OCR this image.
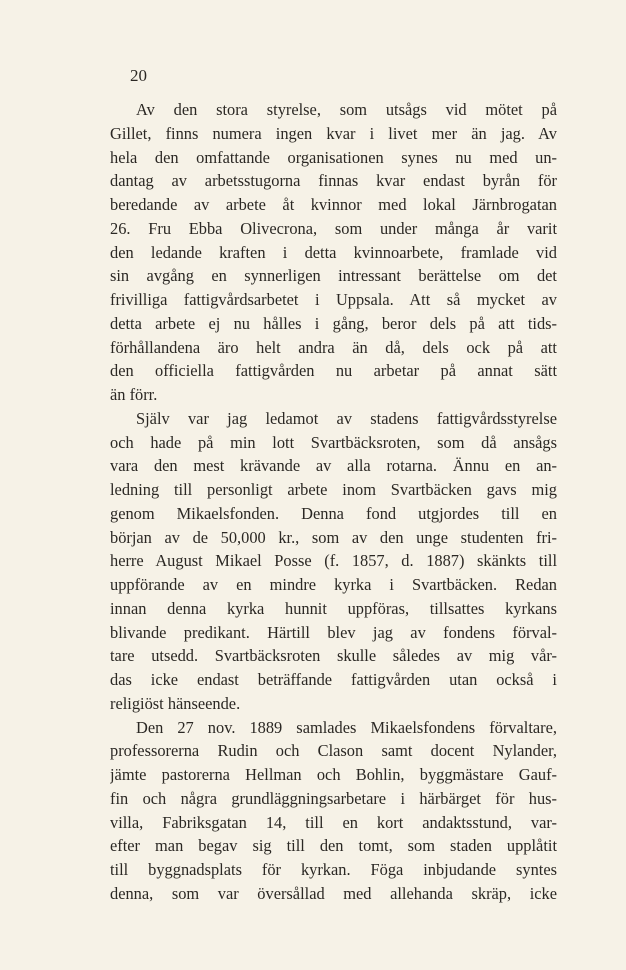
20
Av den stora styrelse, som utsågs vid mötet på
Gillet, finns numera ingen kvar i livet mer än jag. Av
hela den omfattande organisationen synes nu med un-
dantag av arbetsstugorna finnas kvar endast byrån för
beredande av arbete åt kvinnor med lokal Järnbrogatan
26. Fru Ebba Olivecrona, som under många år varit
den ledande kraften i detta kvinnoarbete, framlade vid
sin avgång en synnerligen intressant berättelse om det
frivilliga fattigvårdsarbetet i Uppsala. Att så mycket av
detta arbete ej nu hålles i gång, beror dels på att tids-
förhållandena äro helt andra än då, dels ock på att
den officiella fattigvården nu arbetar på annat sätt
än förr.
Själv var jag ledamot av stadens fattigvårdsstyrelse
och hade på min lott Svartbäcksroten, som då ansågs
vara den mest krävande av alla rotarna. Ännu en an-
ledning till personligt arbete inom Svartbäcken gavs mig
genom Mikaelsfonden. Denna fond utgjordes till en
början av de 50,000 kr., som av den unge studenten fri-
herre August Mikael Posse (f. 1857, d. 1887) skänkts till
uppförande av en mindre kyrka i Svartbäcken. Redan
innan denna kyrka hunnit uppföras, tillsattes kyrkans
blivande predikant. Härtill blev jag av fondens förval-
tare utsedd. Svartbäcksroten skulle således av mig vår-
das icke endast beträffande fattigvården utan också i
religiöst hänseende.
Den 27 nov. 1889 samlades Mikaelsfondens förvaltare,
professorerna Rudin och Clason samt docent Nylander,
jämte pastorerna Hellman och Bohlin, byggmästare Gauf-
fin och några grundläggningsarbetare i härbärget för hus-
villa, Fabriksgatan 14, till en kort andaktsstund, var-
efter man begav sig till den tomt, som staden upplåtit
till byggnadsplats för kyrkan. Föga inbjudande syntes
denna, som var översållad med allehanda skräp, icke
